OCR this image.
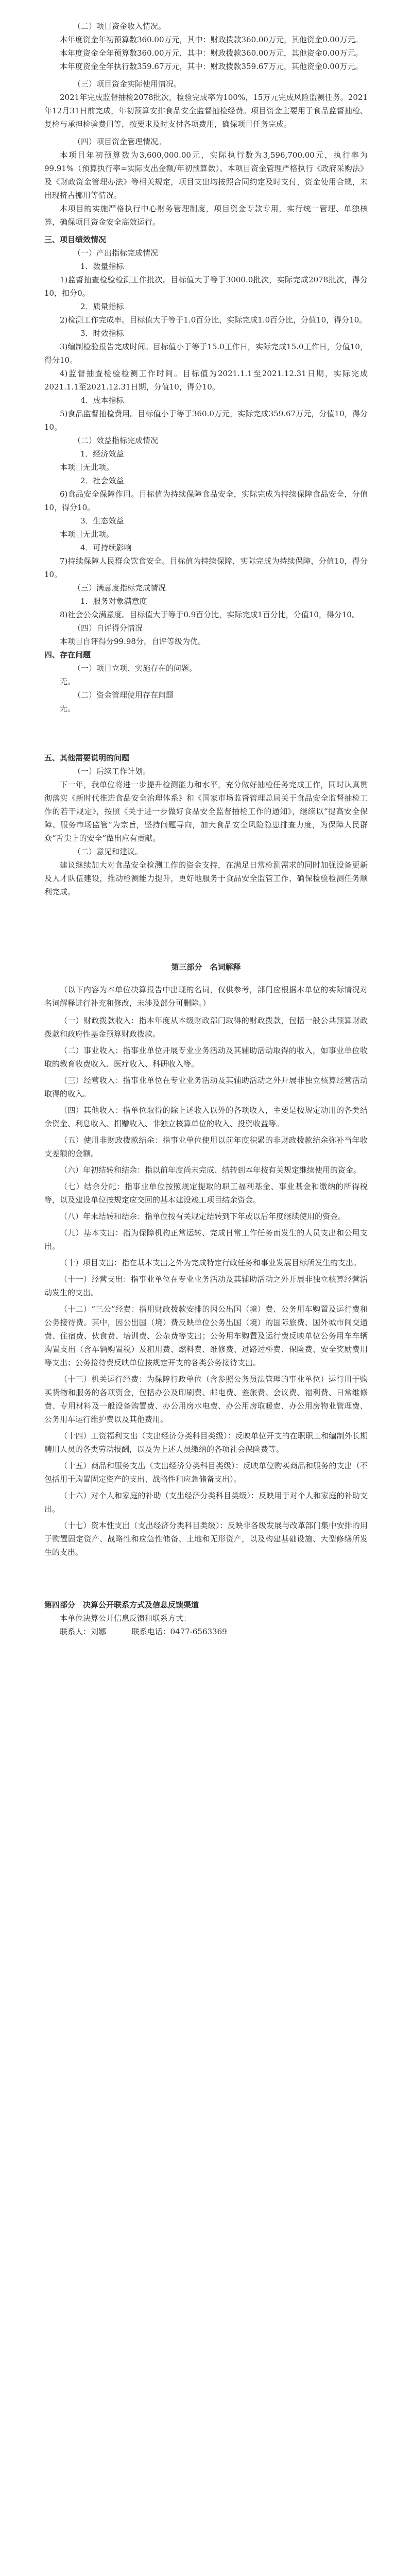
（二）项目资金收入情况。

本年度资金年初预算数360.00万元，其中：财政拨款360.00万元，其他资金0.00万元。

本年度资金全年预算数360.00万元，其中：财政拨款360.00万元，其他资金0.00万元。

本年度资金全年执行数359.67万元，其中：财政拨款359.67万元，其他资金0.00万元。

（三）项目资金实际使用情况。

2021年完成监督抽检2078批次，检验完成率为100%，15万元完成风险监测任务。2021年12月31日前完成，年初预算安排食品安全监督抽检经费。项目资金主要用于食品监督抽检、复检与承担检验费用等，按要求及时支付各项费用，确保项目任务完成。

（四）项目资金管理情况。

本项目年初预算数为3,600,000.00元，实际执行数为3,596,700.00元，执行率为99.91%（预算执行率=实际支出金额/年初预算数）。本项目资金管理严格执行《政府采购法》及《财政资金管理办法》等相关规定，项目支出均按照合同约定及时支付，资金使用合规，未出现挤占挪用等情况。

本项目的实施严格执行中心财务管理制度，项目资金专款专用，实行统一管理、单独核算，确保项目资金安全高效运行。

三、项目绩效情况

（一）产出指标完成情况

1．数量指标

1)监督抽查检验检测工作批次。目标值大于等于3000.0批次，实际完成2078批次，得分10，扣分0。

2．质量指标

2)检测工作完成率。目标值大于等于1.0百分比，实际完成1.0百分比，分值10，得分10。

3．时效指标

3)编制检验报告完成时间。目标值小于等于15.0工作日，实际完成15.0工作日，分值10，得分10。

4)监督抽查检验检测工作时间。目标值为2021.1.1至2021.12.31日期，实际完成2021.1.1至2021.12.31日期，分值10，得分10。

4．成本指标

5)食品监督抽检费用。目标值小于等于360.0万元，实际完成359.67万元，分值10，得分10。

（二）效益指标完成情况

1．经济效益

本项目无此项。

2．社会效益

6)食品安全保障作用。目标值为持续保障食品安全，实际完成为持续保障食品安全，分值10，得分10。

3．生态效益

本项目无此项。

4．可持续影响

7)持续保障人民群众饮食安全。目标值为持续保障，实际完成为持续保障，分值10，得分10。

（三）满意度指标完成情况

1．服务对象满意度

8)社会公众满意度。目标值大于等于0.9百分比，实际完成1百分比，分值10，得分10。

（四）自评得分情况

本项目自评得分99.98分，自评等级为优。

四、存在问题

（一）项目立项、实施存在的问题。

无。

（二）资金管理使用存在问题

无。

五、其他需要说明的问题

（一）后续工作计划。

下一年，我单位将进一步提升检测能力和水平，充分做好抽检任务完成工作，同时认真贯彻落实《新时代推进食品安全治理体系》和《国家市场监督管理总局关于食品安全监督抽检工作的若干规定》，按照《关于进一步做好食品安全监督抽检工作的通知》，继续以“提高安全保障、服务市场监管”为宗旨，坚持问题导向，加大食品安全风险隐患排查力度，为保障人民群众“舌尖上的安全”做出应有贡献。

（二）意见和建议。

建议继续加大对食品安全检测工作的资金支持，在满足日常检测需求的同时加强设备更新及人才队伍建设，推动检测能力提升，更好地服务于食品安全监管工作，确保检验检测任务顺利完成。

第三部分　名词解释

（以下内容为本单位决算报告中出现的名词，仅供参考，部门应根据本单位的实际情况对名词解释进行补充和修改，未涉及部分可删除。）

（一）财政拨款收入：指本年度从本级财政部门取得的财政拨款，包括一般公共预算财政拨款和政府性基金预算财政拨款。

（二）事业收入：指事业单位开展专业业务活动及其辅助活动取得的收入，如事业单位收取的教育收费收入、医疗收入、科研收入等。

（三）经营收入：指事业单位在专业业务活动及其辅助活动之外开展非独立核算经营活动取得的收入。

（四）其他收入：指单位取得的除上述收入以外的各项收入，主要是按规定动用的各类结余资金、利息收入、捐赠收入、非独立核算单位的收入、投资收益等。

（五）使用非财政拨款结余：指事业单位使用以前年度积累的非财政拨款结余弥补当年收支差额的金额。

（六）年初结转和结余：指以前年度尚未完成、结转到本年按有关规定继续使用的资金。

（七）结余分配：指事业单位按照规定提取的职工福利基金、事业基金和缴纳的所得税等，以及建设单位按规定应交回的基本建设竣工项目结余资金。

（八）年末结转和结余：指单位按有关规定结转到下年或以后年度继续使用的资金。

（九）基本支出：指为保障机构正常运转、完成日常工作任务而发生的人员支出和公用支出。

（十）项目支出：指在基本支出之外为完成特定行政任务和事业发展目标所发生的支出。

（十一）经营支出：指事业单位在专业业务活动及其辅助活动之外开展非独立核算经营活动发生的支出。

（十二）“三公”经费：指用财政拨款安排的因公出国（境）费、公务用车购置及运行费和公务接待费。其中，因公出国（境）费反映单位公务出国（境）的国际旅费、国外城市间交通费、住宿费、伙食费、培训费、公杂费等支出；公务用车购置及运行费反映单位公务用车车辆购置支出（含车辆购置税）及租用费、燃料费、维修费、过路过桥费、保险费、安全奖励费用等支出；公务接待费反映单位按规定开支的各类公务接待支出。

（十三）机关运行经费：为保障行政单位（含参照公务员法管理的事业单位）运行用于购买货物和服务的各项资金，包括办公及印刷费、邮电费、差旅费、会议费、福利费、日常维修费、专用材料及一般设备购置费、办公用房水电费、办公用房取暖费、办公用房物业管理费、公务用车运行维护费以及其他费用。

（十四）工资福利支出（支出经济分类科目类级）：反映单位开支的在职职工和编制外长期聘用人员的各类劳动报酬，以及为上述人员缴纳的各项社会保险费等。

（十五）商品和服务支出（支出经济分类科目类级）：反映单位购买商品和服务的支出（不包括用于购置固定资产的支出、战略性和应急储备支出）。

（十六）对个人和家庭的补助（支出经济分类科目类级）：反映用于对个人和家庭的补助支出。

（十七）资本性支出（支出经济分类科目类级）：反映非各级发展与改革部门集中安排的用于购置固定资产、战略性和应急性储备、土地和无形资产，以及构建基础设施、大型修缮所发生的支出。

第四部分　决算公开联系方式及信息反馈渠道

本单位决算公开信息反馈和联系方式：

联系人：刘娜	联系电话：0477-6563369
